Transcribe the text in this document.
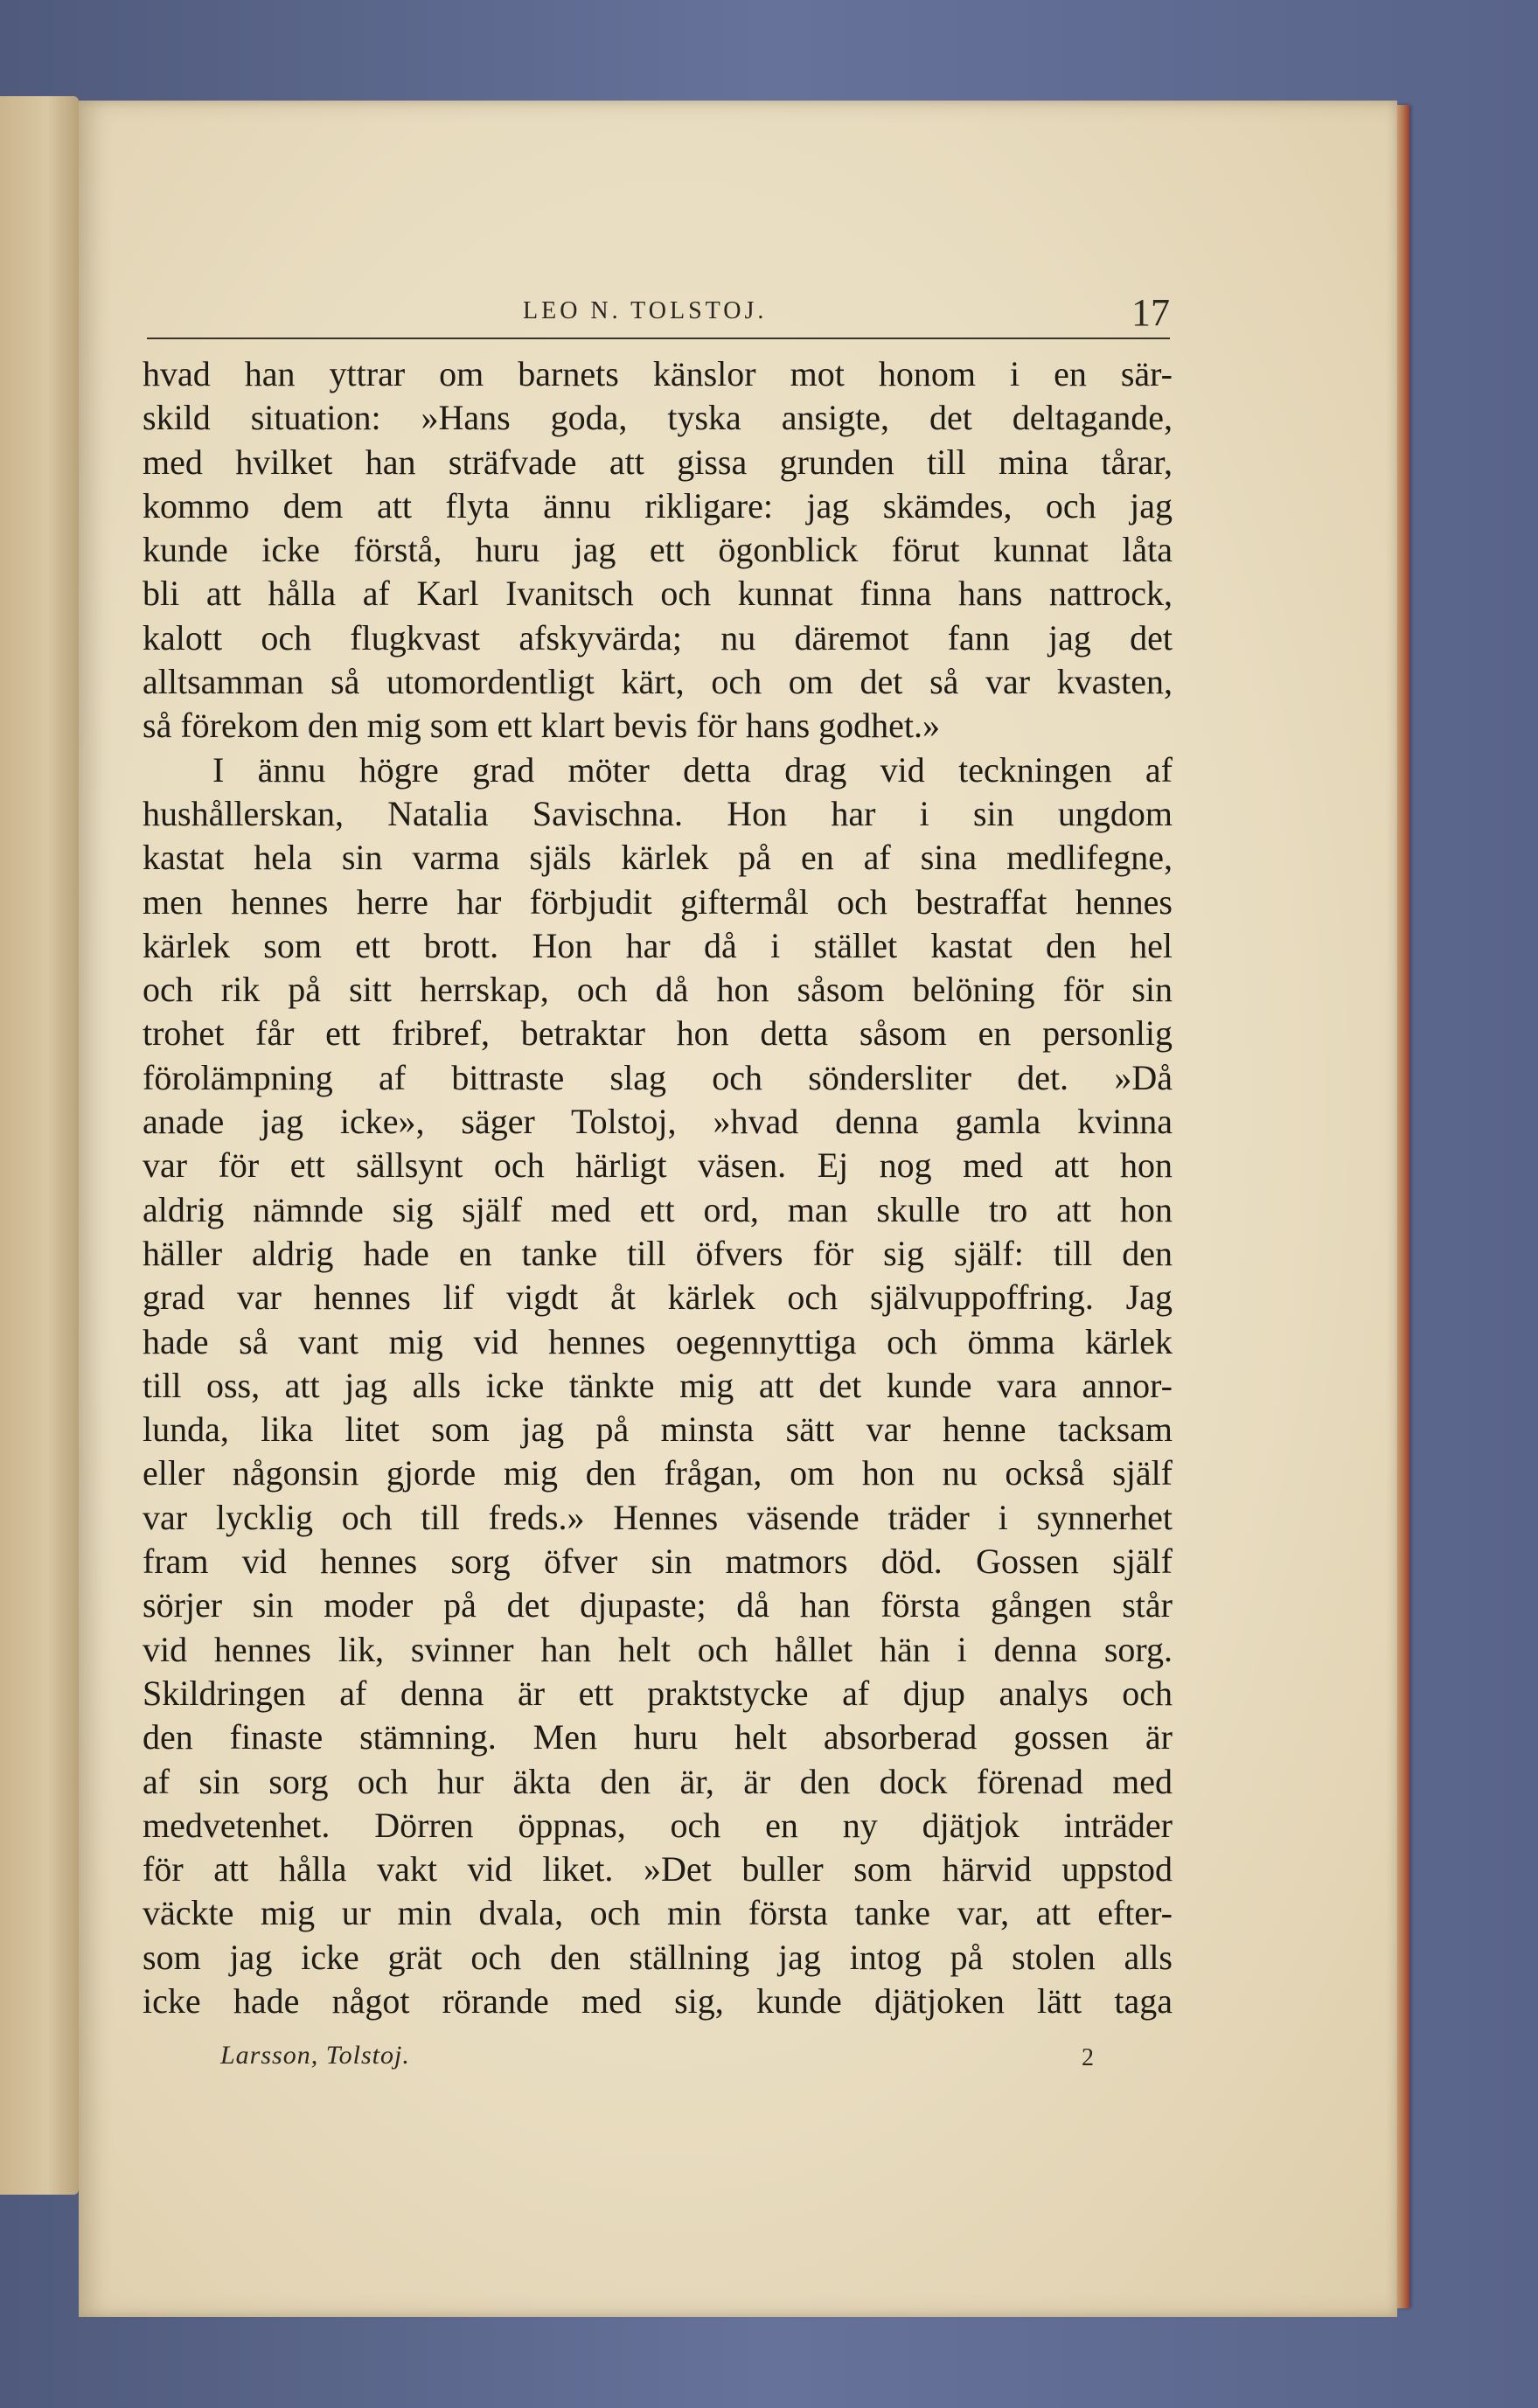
LEO N. TOLSTOJ.	17
hvad han yttrar om barnets känslor mot honom i en sär-
skild situation: »Hans goda, tyska ansigte, det deltagande,
med hvilket han sträfvade att gissa grunden till mina tårar,
kommo dem att flyta ännu rikligare: jag skämdes, och jag
kunde icke förstå, huru jag ett ögonblick förut kunnat låta
bli att hålla af Karl Ivanitsch och kunnat finna hans nattrock,
kalott och flugkvast afskyvärda; nu däremot fann jag det
alltsamman så utomordentligt kärt, och om det så var kvasten,
så förekom den mig som ett klart bevis för hans godhet.»
I ännu högre grad möter detta drag vid teckningen af
hushållerskan, Natalia Savischna. Hon har i sin ungdom
kastat hela sin varma själs kärlek på en af sina medlifegne,
men hennes herre har förbjudit giftermål och bestraffat hennes
kärlek som ett brott. Hon har då i stället kastat den hel
och rik på sitt herrskap, och då hon såsom belöning för sin
trohet får ett fribref, betraktar hon detta såsom en personlig
förolämpning af bittraste slag och söndersliter det. »Då
anade jag icke», säger Tolstoj, »hvad denna gamla kvinna
var för ett sällsynt och härligt väsen. Ej nog med att hon
aldrig nämnde sig själf med ett ord, man skulle tro att hon
häller aldrig hade en tanke till öfvers för sig själf: till den
grad var hennes lif vigdt åt kärlek och självuppoffring. Jag
hade så vant mig vid hennes oegennyttiga och ömma kärlek
till oss, att jag alls icke tänkte mig att det kunde vara annor-
lunda, lika litet som jag på minsta sätt var henne tacksam
eller någonsin gjorde mig den frågan, om hon nu också själf
var lycklig och till freds.» Hennes väsende träder i synnerhet
fram vid hennes sorg öfver sin matmors död. Gossen själf
sörjer sin moder på det djupaste; då han första gången står
vid hennes lik, svinner han helt och hållet hän i denna sorg.
Skildringen af denna är ett praktstycke af djup analys och
den finaste stämning. Men huru helt absorberad gossen är
af sin sorg och hur äkta den är, är den dock förenad med
medvetenhet. Dörren öppnas, och en ny djätjok inträder
för att hålla vakt vid liket. »Det buller som härvid uppstod
väckte mig ur min dvala, och min första tanke var, att efter-
som jag icke grät och den ställning jag intog på stolen alls
icke hade något rörande med sig, kunde djätjoken lätt taga
Larsson, Tolstoj.	2
